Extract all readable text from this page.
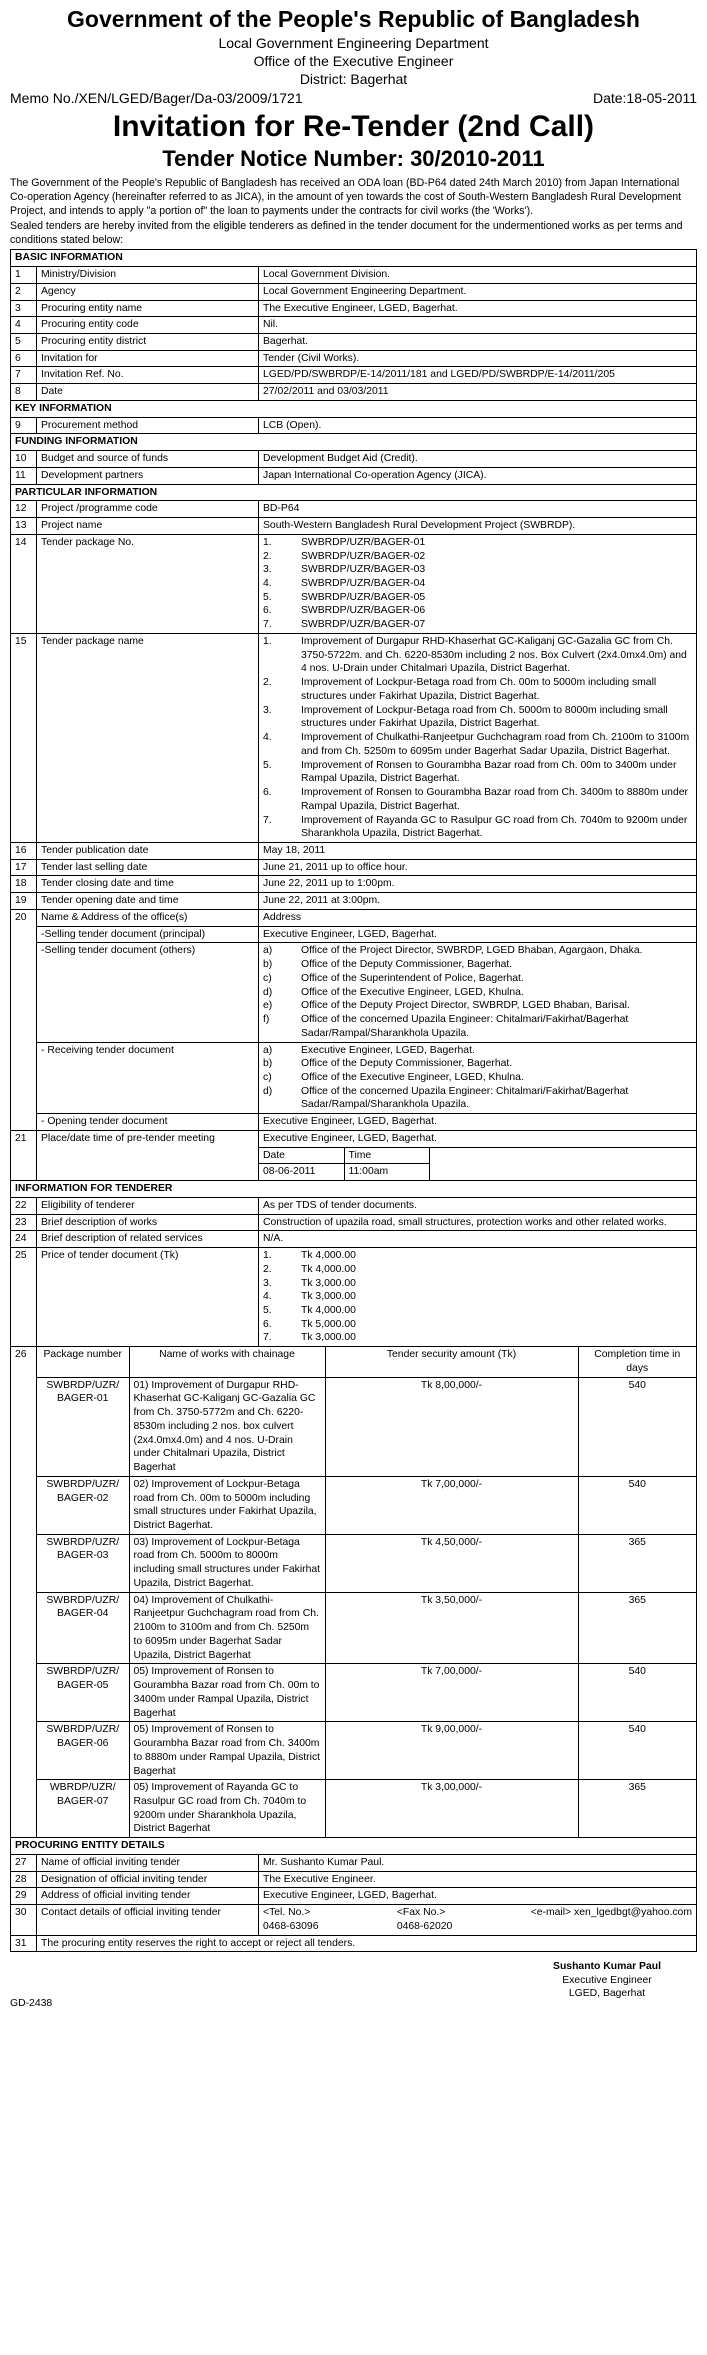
Government of the People's Republic of Bangladesh
Local Government Engineering Department
Office of the Executive Engineer
District: Bagerhat
Memo No./XEN/LGED/Bager/Da-03/2009/1721	Date:18-05-2011
Invitation for Re-Tender (2nd Call)
Tender Notice Number: 30/2010-2011
The Government of the People's Republic of Bangladesh has received an ODA loan (BD-P64 dated 24th March 2010) from Japan International Co-operation Agency (hereinafter referred to as JICA), in the amount of yen towards the cost of South-Western Bangladesh Rural Development Project, and intends to apply "a portion of" the loan to payments under the contracts for civil works (the 'Works').
Sealed tenders are hereby invited from the eligible tenderers as defined in the tender document for the undermentioned works as per terms and conditions stated below:
BASIC INFORMATION
1	Ministry/Division	Local Government Division.
2	Agency	Local Government Engineering Department.
3	Procuring entity name	The Executive Engineer, LGED, Bagerhat.
4	Procuring entity code	Nil.
5	Procuring entity district	Bagerhat.
6	Invitation for	Tender (Civil Works).
7	Invitation Ref. No.	LGED/PD/SWBRDP/E-14/2011/181 and LGED/PD/SWBRDP/E-14/2011/205
8	Date	27/02/2011 and 03/03/2011
KEY INFORMATION
9	Procurement method	LCB (Open).
FUNDING INFORMATION
10	Budget and source of funds	Development Budget Aid (Credit).
11	Development partners	Japan International Co-operation Agency (JICA).
PARTICULAR INFORMATION
12	Project /programme code	BD-P64
13	Project name	South-Western Bangladesh Rural Development Project (SWBRDP).
14	Tender package No.	1.	SWBRDP/UZR/BAGER-01
2.	SWBRDP/UZR/BAGER-02
3.	SWBRDP/UZR/BAGER-03
4.	SWBRDP/UZR/BAGER-04
5.	SWBRDP/UZR/BAGER-05
6.	SWBRDP/UZR/BAGER-06
7.	SWBRDP/UZR/BAGER-07

15	Tender package name	1.	Improvement of Durgapur RHD-Khaserhat GC-Kaliganj GC-Gazalia GC from Ch. 3750-5722m. and Ch. 6220-8530m including 2 nos. Box Culvert (2x4.0mx4.0m) and 4 nos. U-Drain under Chitalmari Upazila, District Bagerhat.
2.	Improvement of Lockpur-Betaga road from Ch. 00m to 5000m including small structures under Fakirhat Upazila, District Bagerhat.
3.	Improvement of Lockpur-Betaga road from Ch. 5000m to 8000m including small structures under Fakirhat Upazila, District Bagerhat.
4.	Improvement of Chulkathi-Ranjeetpur Guchchagram road from Ch. 2100m to 3100m and from Ch. 5250m to 6095m under Bagerhat Sadar Upazila, District Bagerhat.
5.	Improvement of Ronsen to Gourambha Bazar road from Ch. 00m to 3400m under Rampal Upazila, District Bagerhat.
6.	Improvement of Ronsen to Gourambha Bazar road from Ch. 3400m to 8880m under Rampal Upazila, District Bagerhat.
7.	Improvement of Rayanda GC to Rasulpur GC road from Ch. 7040m to 9200m under Sharankhola Upazila, District Bagerhat.

16	Tender publication date	May 18, 2011
17	Tender last selling date	June 21, 2011 up to office hour.
18	Tender closing date and time	June 22, 2011 up to 1:00pm.
19	Tender opening date and time	June 22, 2011 at 3:00pm.
20	Name & Address of the office(s)	Address
-Selling tender document (principal)	Executive Engineer, LGED, Bagerhat.
-Selling tender document (others)	a)	Office of the Project Director, SWBRDP, LGED Bhaban, Agargaon, Dhaka.
b)	Office of the Deputy Commissioner, Bagerhat.
c)	Office of the Superintendent of Police, Bagerhat.
d)	Office of the Executive Engineer, LGED, Khulna.
e)	Office of the Deputy Project Director, SWBRDP, LGED Bhaban, Barisal.
f)	Office of the concerned Upazila Engineer: Chitalmari/Fakirhat/Bagerhat Sadar/Rampal/Sharankhola Upazila.

- Receiving tender document	a)	Executive Engineer, LGED, Bagerhat.
b)	Office of the Deputy Commissioner, Bagerhat.
c)	Office of the Executive Engineer, LGED, Khulna.
d)	Office of the concerned Upazila Engineer: Chitalmari/Fakirhat/Bagerhat Sadar/Rampal/Sharankhola Upazila.

- Opening tender document	Executive Engineer, LGED, Bagerhat.
21	Place/date time of pre-tender meeting	Executive Engineer, LGED, Bagerhat.
Date	Time	
08-06-2011	11:00am	

INFORMATION FOR TENDERER
22	Eligibility of tenderer	As per TDS of tender documents.
23	Brief description of works	Construction of upazila road, small structures, protection works and other related works.
24	Brief description of related services	N/A.
25	Price of tender document (Tk)	1.	Tk 4,000.00
2.	Tk 4,000.00
3.	Tk 3,000.00
4.	Tk 3,000.00
5.	Tk 4,000.00
6.	Tk 5,000.00
7.	Tk 3,000.00

26	Package number	Name of works with chainage	Tender security amount (Tk)	Completion time in days
SWBRDP/UZR/ BAGER-01	01) Improvement of Durgapur RHD-Khaserhat GC-Kaliganj GC-Gazalia GC from Ch. 3750-5772m and Ch. 6220-8530m including 2 nos. box culvert (2x4.0mx4.0m) and 4 nos. U-Drain under Chitalmari Upazila, District Bagerhat	Tk 8,00,000/-	540
SWBRDP/UZR/ BAGER-02	02) Improvement of Lockpur-Betaga road from Ch. 00m to 5000m including small structures under Fakirhat Upazila, District Bagerhat.	Tk 7,00,000/-	540
SWBRDP/UZR/ BAGER-03	03) Improvement of Lockpur-Betaga road from Ch. 5000m to 8000m including small structures under Fakirhat Upazila, District Bagerhat.	Tk 4,50,000/-	365
SWBRDP/UZR/ BAGER-04	04) Improvement of Chulkathi-Ranjeetpur Guchchagram road from Ch. 2100m to 3100m and from Ch. 5250m to 6095m under Bagerhat Sadar Upazila, District Bagerhat	Tk 3,50,000/-	365
SWBRDP/UZR/ BAGER-05	05) Improvement of Ronsen to Gourambha Bazar road from Ch. 00m to 3400m under Rampal Upazila, District Bagerhat	Tk 7,00,000/-	540
SWBRDP/UZR/ BAGER-06	05) Improvement of Ronsen to Gourambha Bazar road from Ch. 3400m to 8880m under Rampal Upazila, District Bagerhat	Tk 9,00,000/-	540
WBRDP/UZR/ BAGER-07	05) Improvement of Rayanda GC to Rasulpur GC road from Ch. 7040m to 9200m under Sharankhola Upazila, District Bagerhat	Tk 3,00,000/-	365

PROCURING ENTITY DETAILS
27	Name of official inviting tender	Mr. Sushanto Kumar Paul.
28	Designation of official inviting tender	The Executive Engineer.
29	Address of official inviting tender	Executive Engineer, LGED, Bagerhat.
30	Contact details of official inviting tender	<Tel. No.>
0468-63096
<Fax No.>
0468-62020
<e-mail> xen_lgedbgt@yahoo.com

31	The procuring entity reserves the right to accept or reject all tenders.
Sushanto Kumar Paul
Executive Engineer
LGED, Bagerhat
GD-2438
